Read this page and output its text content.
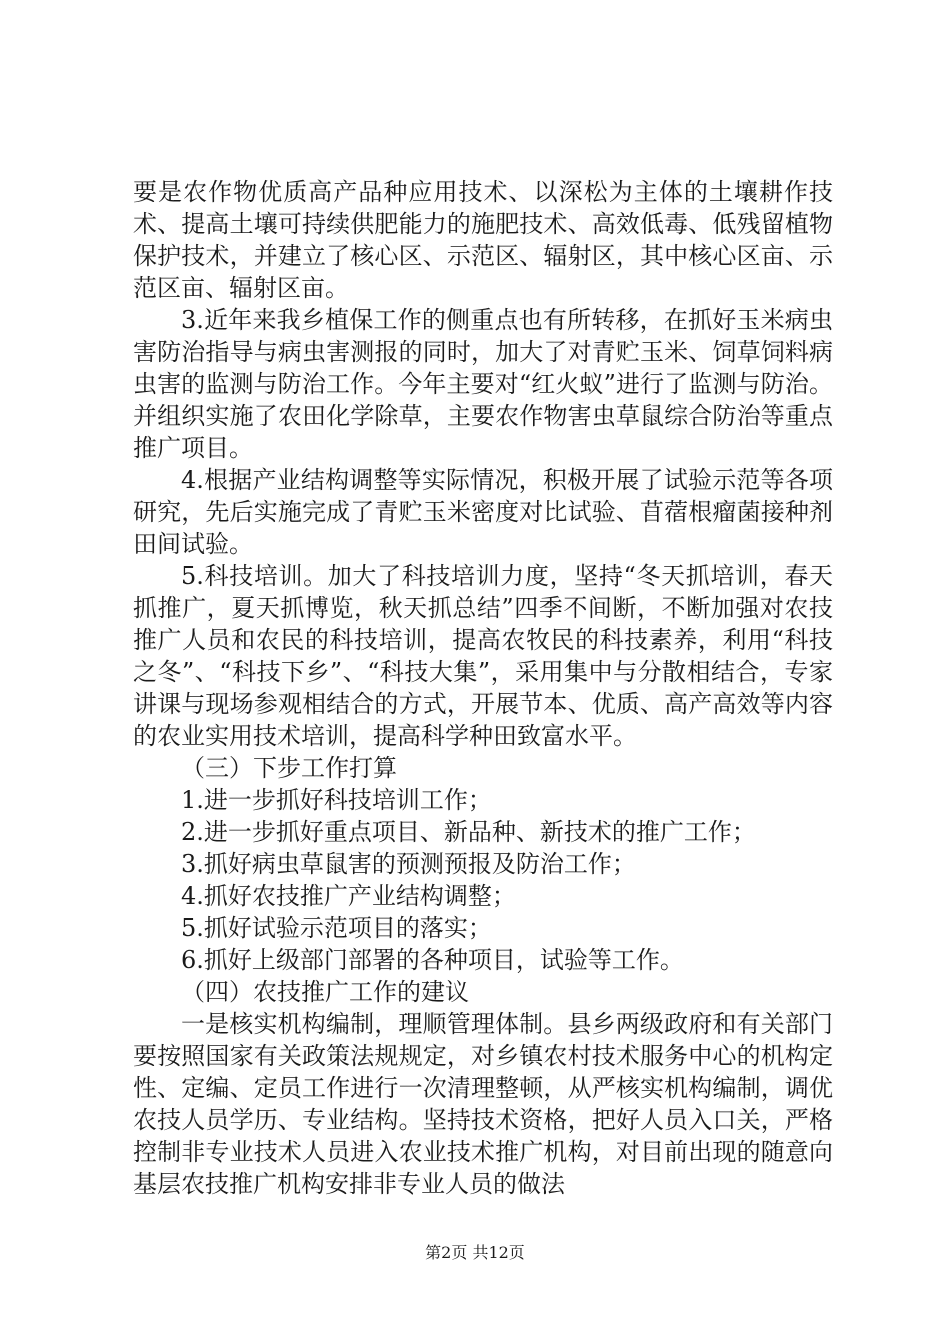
要是农作物优质高产品种应用技术、以深松为主体的土壤耕作技术、提高土壤可持续供肥能力的施肥技术、高效低毒、低残留植物保护技术，并建立了核心区、示范区、辐射区，其中核心区亩、示范区亩、辐射区亩。

3.近年来我乡植保工作的侧重点也有所转移，在抓好玉米病虫害防治指导与病虫害测报的同时，加大了对青贮玉米、饲草饲料病虫害的监测与防治工作。今年主要对“红火蚁”进行了监测与防治。并组织实施了农田化学除草，主要农作物害虫草鼠综合防治等重点推广项目。

4.根据产业结构调整等实际情况，积极开展了试验示范等各项研究，先后实施完成了青贮玉米密度对比试验、苜蓿根瘤菌接种剂田间试验。

5.科技培训。加大了科技培训力度，坚持“冬天抓培训，春天抓推广，夏天抓博览，秋天抓总结”四季不间断，不断加强对农技推广人员和农民的科技培训，提高农牧民的科技素养，利用“科技之冬”、“科技下乡”、“科技大集”，采用集中与分散相结合，专家讲课与现场参观相结合的方式，开展节本、优质、高产高效等内容的农业实用技术培训，提高科学种田致富水平。

（三）下步工作打算

1.进一步抓好科技培训工作；

2.进一步抓好重点项目、新品种、新技术的推广工作；

3.抓好病虫草鼠害的预测预报及防治工作；

4.抓好农技推广产业结构调整；

5.抓好试验示范项目的落实；

6.抓好上级部门部署的各种项目，试验等工作。

（四）农技推广工作的建议

一是核实机构编制，理顺管理体制。县乡两级政府和有关部门要按照国家有关政策法规规定，对乡镇农村技术服务中心的机构定性、定编、定员工作进行一次清理整顿，从严核实机构编制，调优农技人员学历、专业结构。坚持技术资格，把好人员入口关，严格控制非专业技术人员进入农业技术推广机构，对目前出现的随意向基层农技推广机构安排非专业人员的做法

第2页 共12页
